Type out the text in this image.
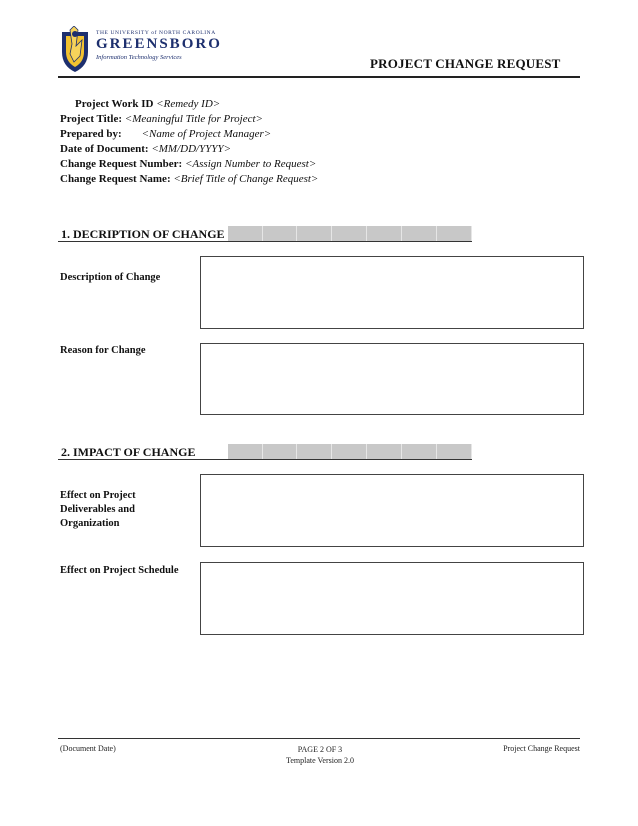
THE UNIVERSITY of NORTH CAROLINA
GREENSBORO
Information Technology Services	PROJECT CHANGE REQUEST
Project Work ID <Remedy ID>
Project Title: <Meaningful Title for Project>
Prepared by: <Name of Project Manager>
Date of Document: <MM/DD/YYYY>
Change Request Number: <Assign Number to Request>
Change Request Name: <Brief Title of Change Request>
1. DECRIPTION OF CHANGE
Description of Change
Reason for Change
2. IMPACT OF CHANGE
Effect on Project Deliverables and Organization
Effect on Project Schedule
(Document Date)	PAGE 2 OF 3
Template Version 2.0
Project Change Request
